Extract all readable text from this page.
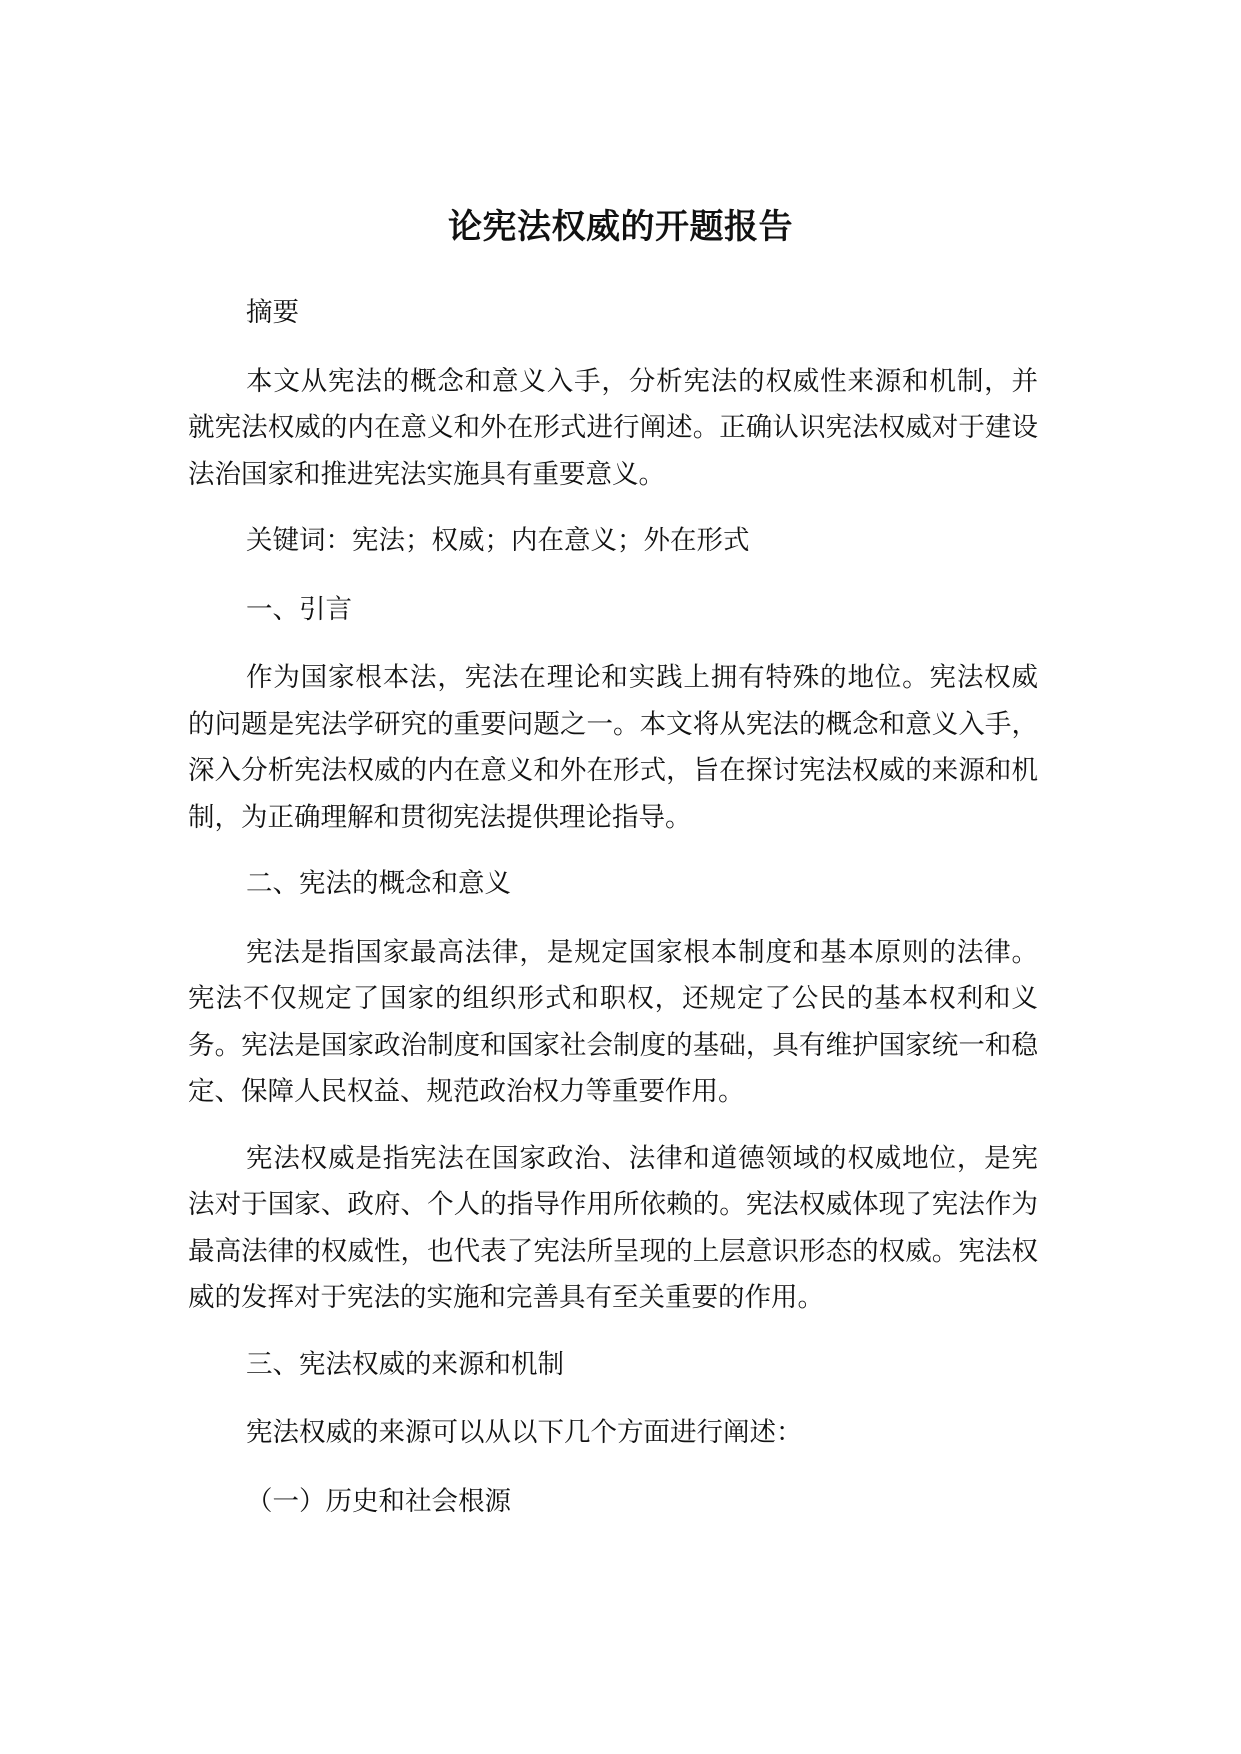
论宪法权威的开题报告

摘要

本文从宪法的概念和意义入手，分析宪法的权威性来源和机制，并就宪法权威的内在意义和外在形式进行阐述。正确认识宪法权威对于建设法治国家和推进宪法实施具有重要意义。

关键词：宪法；权威；内在意义；外在形式

一、引言

作为国家根本法，宪法在理论和实践上拥有特殊的地位。宪法权威的问题是宪法学研究的重要问题之一。本文将从宪法的概念和意义入手，深入分析宪法权威的内在意义和外在形式，旨在探讨宪法权威的来源和机制，为正确理解和贯彻宪法提供理论指导。

二、宪法的概念和意义

宪法是指国家最高法律，是规定国家根本制度和基本原则的法律。宪法不仅规定了国家的组织形式和职权，还规定了公民的基本权利和义务。宪法是国家政治制度和国家社会制度的基础，具有维护国家统一和稳定、保障人民权益、规范政治权力等重要作用。

宪法权威是指宪法在国家政治、法律和道德领域的权威地位，是宪法对于国家、政府、个人的指导作用所依赖的。宪法权威体现了宪法作为最高法律的权威性，也代表了宪法所呈现的上层意识形态的权威。宪法权威的发挥对于宪法的实施和完善具有至关重要的作用。

三、宪法权威的来源和机制

宪法权威的来源可以从以下几个方面进行阐述：

（一）历史和社会根源
